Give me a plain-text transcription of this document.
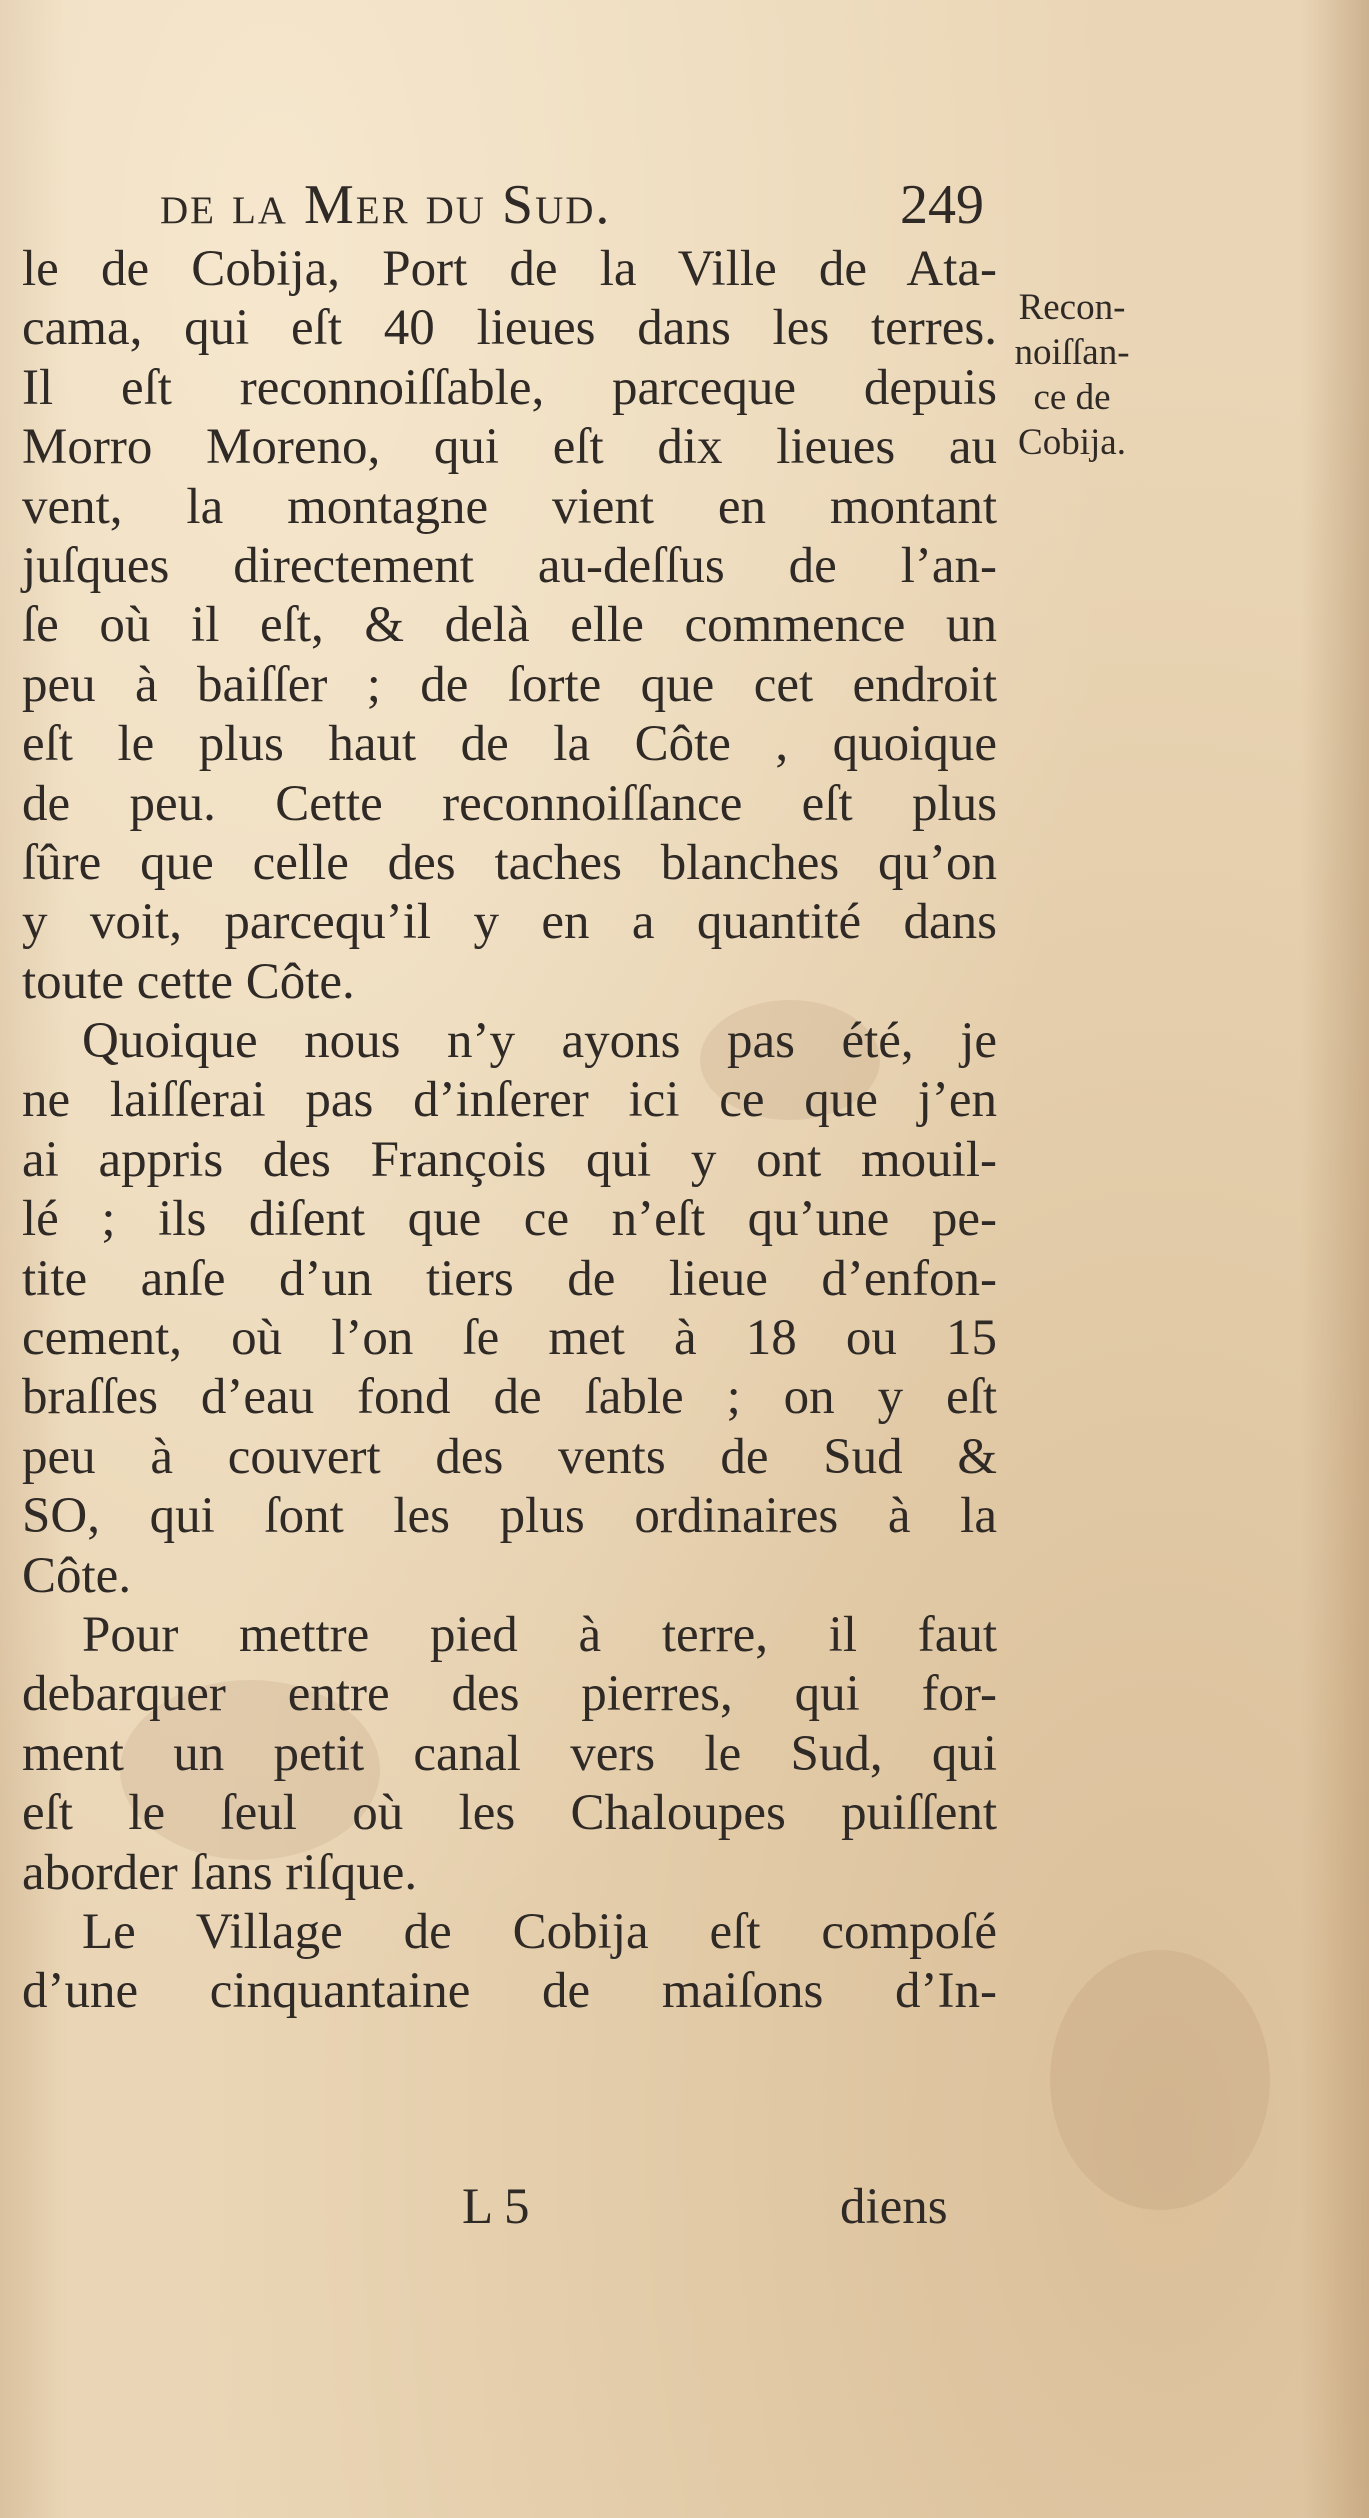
de la Mer du Sud.	249
Recon-
noiſſan-
ce de
Cobija.
le de Cobija, Port de la Ville de Ata-
cama, qui eſt 40 lieues dans les terres.
Il eſt reconnoiſſable, parceque depuis
Morro Moreno, qui eſt dix lieues au
vent, la montagne vient en montant
juſques directement au-deſſus de l’an-
ſe où il eſt, & delà elle commence un
peu à baiſſer ; de ſorte que cet endroit
eſt le plus haut de la Côte , quoique
de peu. Cette reconnoiſſance eſt plus
ſûre que celle des taches blanches qu’on
y voit, parcequ’il y en a quantité dans
toute cette Côte.
Quoique nous n’y ayons pas été, je
ne laiſſerai pas d’inſerer ici ce que j’en
ai appris des François qui y ont mouil-
lé ; ils diſent que ce n’eſt qu’une pe-
tite anſe d’un tiers de lieue d’enfon-
cement, où l’on ſe met à 18 ou 15
braſſes d’eau fond de ſable ; on y eſt
peu à couvert des vents de Sud &
SO, qui ſont les plus ordinaires à la
Côte.
Pour mettre pied à terre, il faut
debarquer entre des pierres, qui for-
ment un petit canal vers le Sud, qui
eſt le ſeul où les Chaloupes puiſſent
aborder ſans riſque.
Le Village de Cobija eſt compoſé
d’une cinquantaine de maiſons d’In-
L 5	diens
